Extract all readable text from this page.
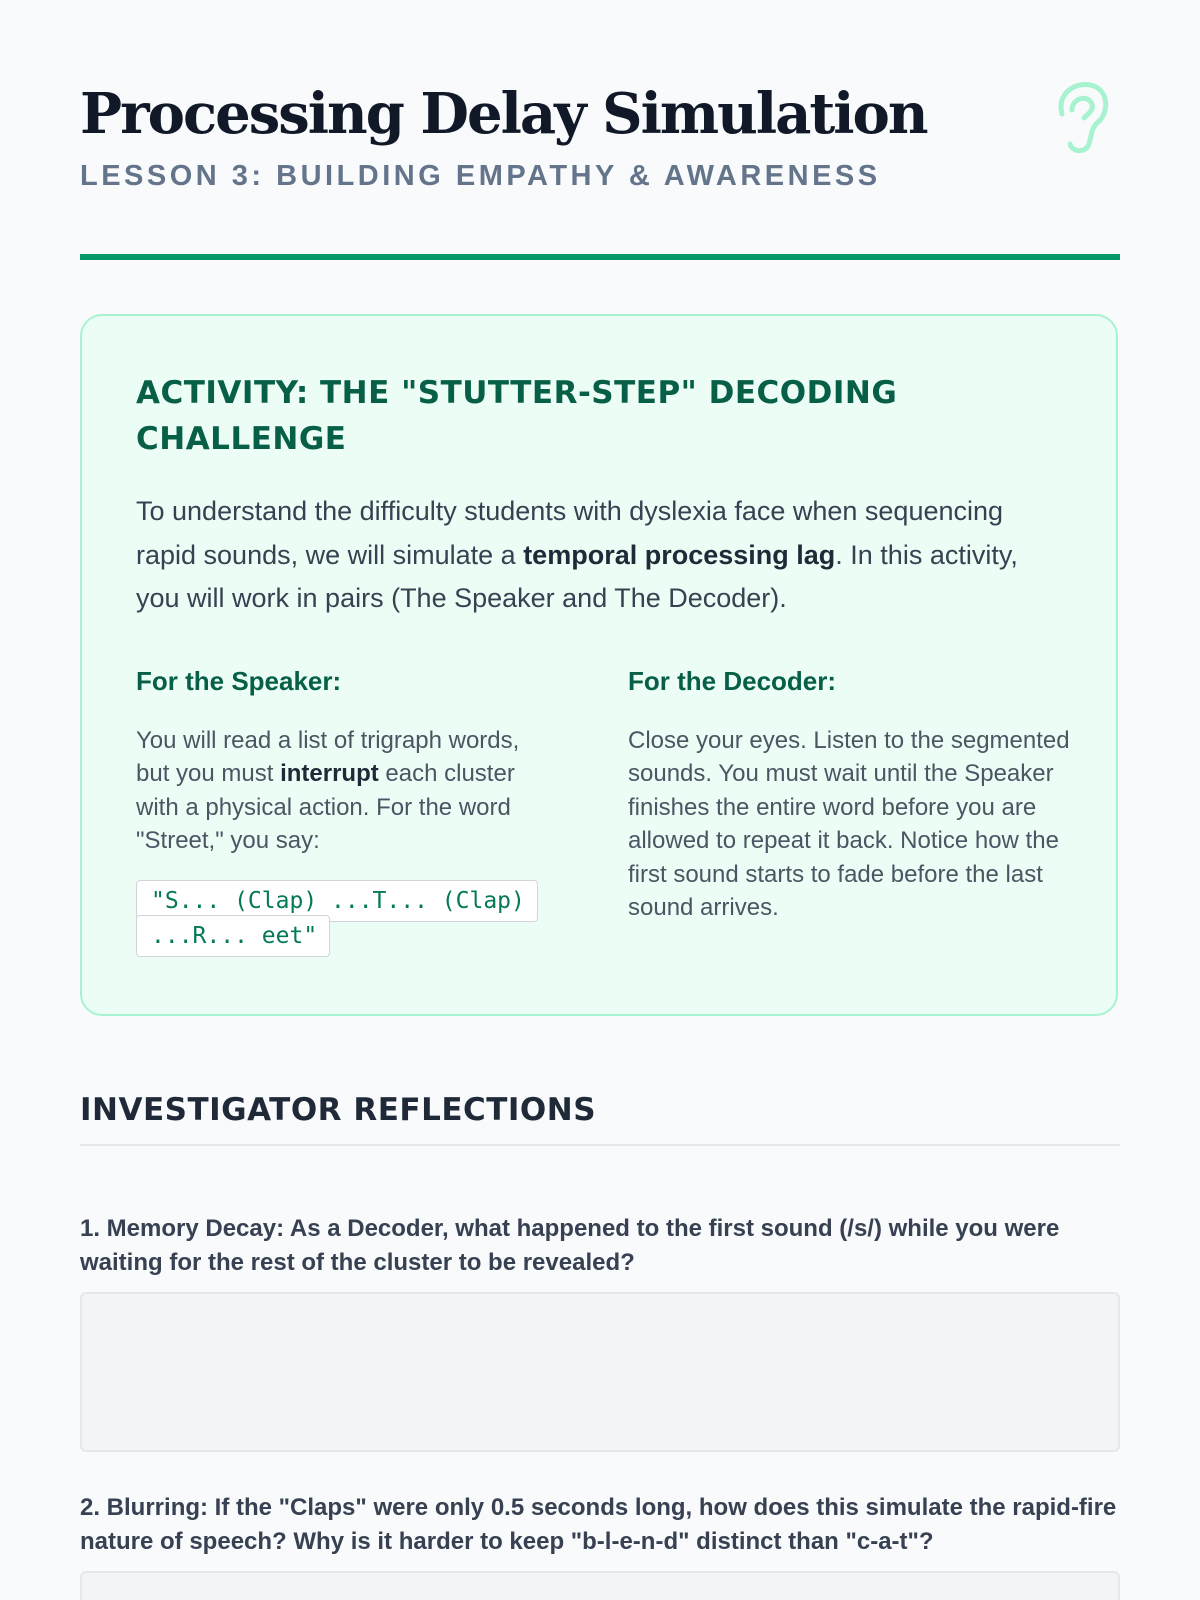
Processing Delay Simulation
LESSON 3: BUILDING EMPATHY & AWARENESS
ACTIVITY: THE "STUTTER-STEP" DECODING CHALLENGE

To understand the difficulty students with dyslexia face when sequencing rapid sounds, we will simulate a temporal processing lag. In this activity, you will work in pairs (The Speaker and The Decoder).

For the Speaker:

You will read a list of trigraph words, but you must interrupt each cluster with a physical action. For the word "Street," you say:

"S... (Clap) ...T... (Clap) ...R... eet"
For the Decoder:

Close your eyes. Listen to the segmented sounds. You must wait until the Speaker finishes the entire word before you are allowed to repeat it back. Notice how the first sound starts to fade before the last sound arrives.

INVESTIGATOR REFLECTIONS

1. Memory Decay: As a Decoder, what happened to the first sound (/s/) while you were waiting for the rest of the cluster to be revealed?

2. Blurring: If the "Claps" were only 0.5 seconds long, how does this simulate the rapid-fire nature of speech? Why is it harder to keep "b-l-e-n-d" distinct than "c-a-t"?
